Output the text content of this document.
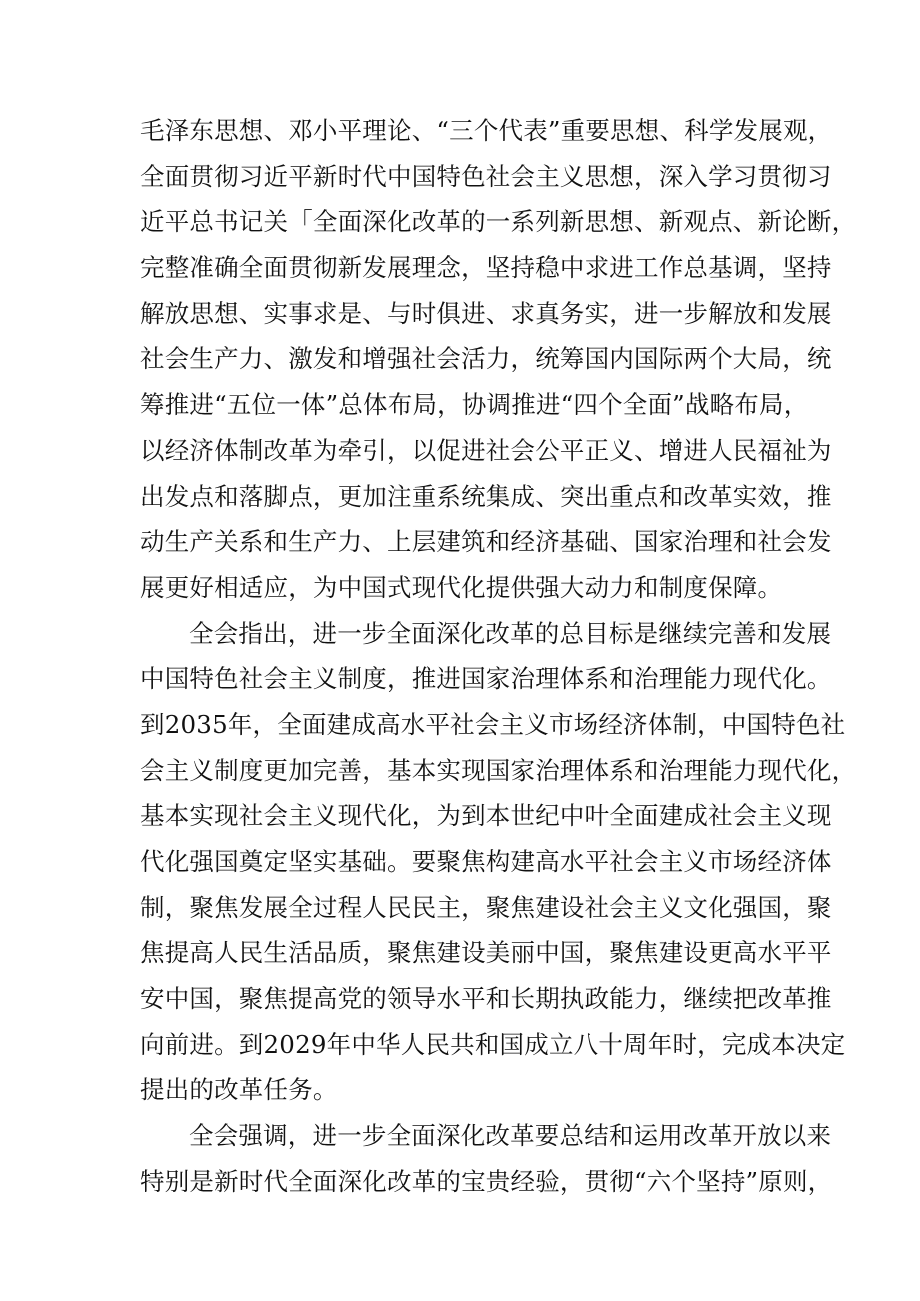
毛泽东思想、邓小平理论、“三个代表”重要思想、科学发展观，
全面贯彻习近平新时代中国特色社会主义思想，深入学习贯彻习
近平总书记关「全面深化改革的一系列新思想、新观点、新论断，
完整准确全面贯彻新发展理念，坚持稳中求进工作总基调，坚持
解放思想、实事求是、与时俱进、求真务实，进一步解放和发展
社会生产力、激发和增强社会活力，统筹国内国际两个大局，统
筹推进“五位一体”总体布局，协调推进“四个全面”战略布局，
以经济体制改革为牵引，以促进社会公平正义、增进人民福祉为
出发点和落脚点，更加注重系统集成、突出重点和改革实效，推
动生产关系和生产力、上层建筑和经济基础、国家治理和社会发
展更好相适应，为中国式现代化提供强大动力和制度保障。
全会指出，进一步全面深化改革的总目标是继续完善和发展
中国特色社会主义制度，推进国家治理体系和治理能力现代化。
到2035年，全面建成高水平社会主义市场经济体制，中国特色社
会主义制度更加完善，基本实现国家治理体系和治理能力现代化，
基本实现社会主义现代化，为到本世纪中叶全面建成社会主义现
代化强国奠定坚实基础。要聚焦构建高水平社会主义市场经济体
制，聚焦发展全过程人民民主，聚焦建设社会主义文化强国，聚
焦提高人民生活品质，聚焦建设美丽中国，聚焦建设更高水平平
安中国，聚焦提高党的领导水平和长期执政能力，继续把改革推
向前进。到2029年中华人民共和国成立八十周年时，完成本决定
提出的改革任务。
全会强调，进一步全面深化改革要总结和运用改革开放以来
特别是新时代全面深化改革的宝贵经验，贯彻“六个坚持”原则，
